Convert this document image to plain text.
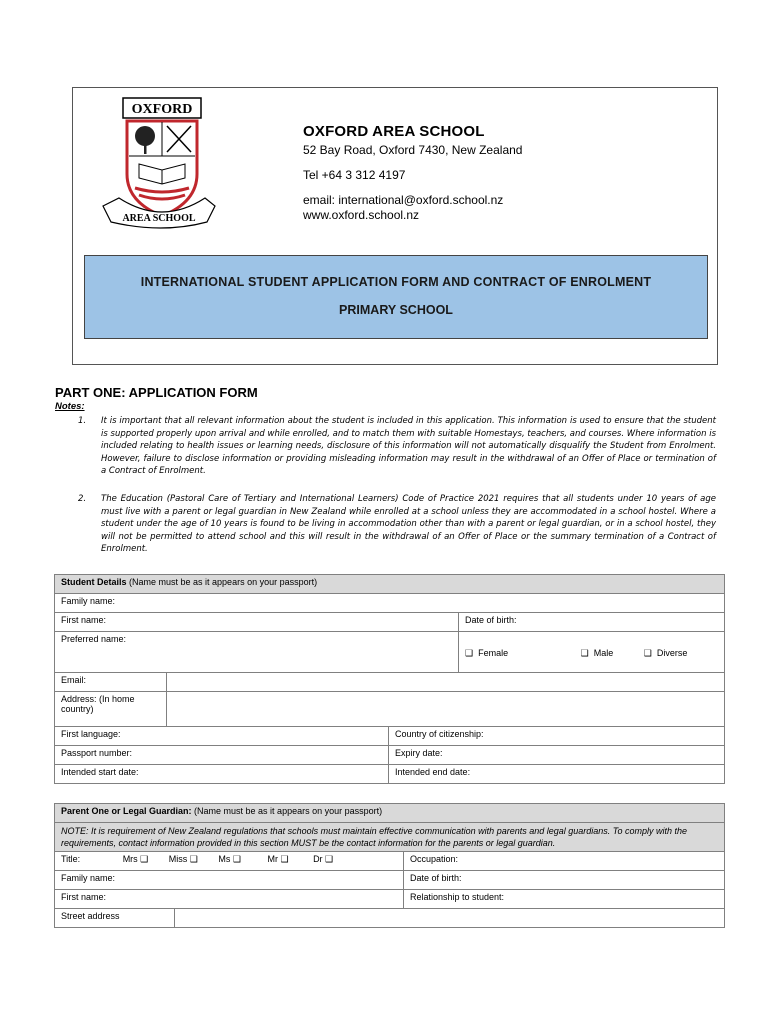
OXFORD
AREA SCHOOL
OXFORD AREA SCHOOL
52 Bay Road, Oxford 7430, New Zealand
Tel +64 3 312 4197
email: international@oxford.school.nz
www.oxford.school.nz
INTERNATIONAL STUDENT APPLICATION FORM AND CONTRACT OF ENROLMENT
PRIMARY SCHOOL
PART ONE: APPLICATION FORM
Notes:
1. It is important that all relevant information about the student is included in this application. This information is used to ensure that the student is supported properly upon arrival and while enrolled, and to match them with suitable Homestays, teachers, and courses. Where information is included relating to health issues or learning needs, disclosure of this information will not automatically disqualify the Student from Enrolment. However, failure to disclose information or providing misleading information may result in the withdrawal of an Offer of Place or termination of a Contract of Enrolment.
2. The Education (Pastoral Care of Tertiary and International Learners) Code of Practice 2021 requires that all students under 10 years of age must live with a parent or legal guardian in New Zealand while enrolled at a school unless they are accommodated in a school hostel. Where a student under the age of 10 years is found to be living in accommodation other than with a parent or legal guardian, or in a school hostel, they will not be permitted to attend school and this will result in the withdrawal of an Offer of Place or the summary termination of a Contract of Enrolment.
Student Details (Name must be as it appears on your passport)			
Family name:			
First name:			Date of birth:
Preferred name:			❑ Female ❑ Male ❑ Diverse

Email:			
Address: (In home country)			
First language:		Country of citizenship:	
Passport number:		Expiry date:	
Intended start date:		Intended end date:	
Parent One or Legal Guardian: (Name must be as it appears on your passport)		
NOTE: It is requirement of New Zealand regulations that schools must maintain effective communication with parents and legal guardians. To comply with the requirements, contact information provided in this section MUST be the contact information for the parents or legal guardian.		
Title: Mrs ❑ Miss ❑ Ms ❑ Mr ❑ Dr ❑		Occupation:
Family name:		Date of birth:
First name:		Relationship to student:
Street address		
